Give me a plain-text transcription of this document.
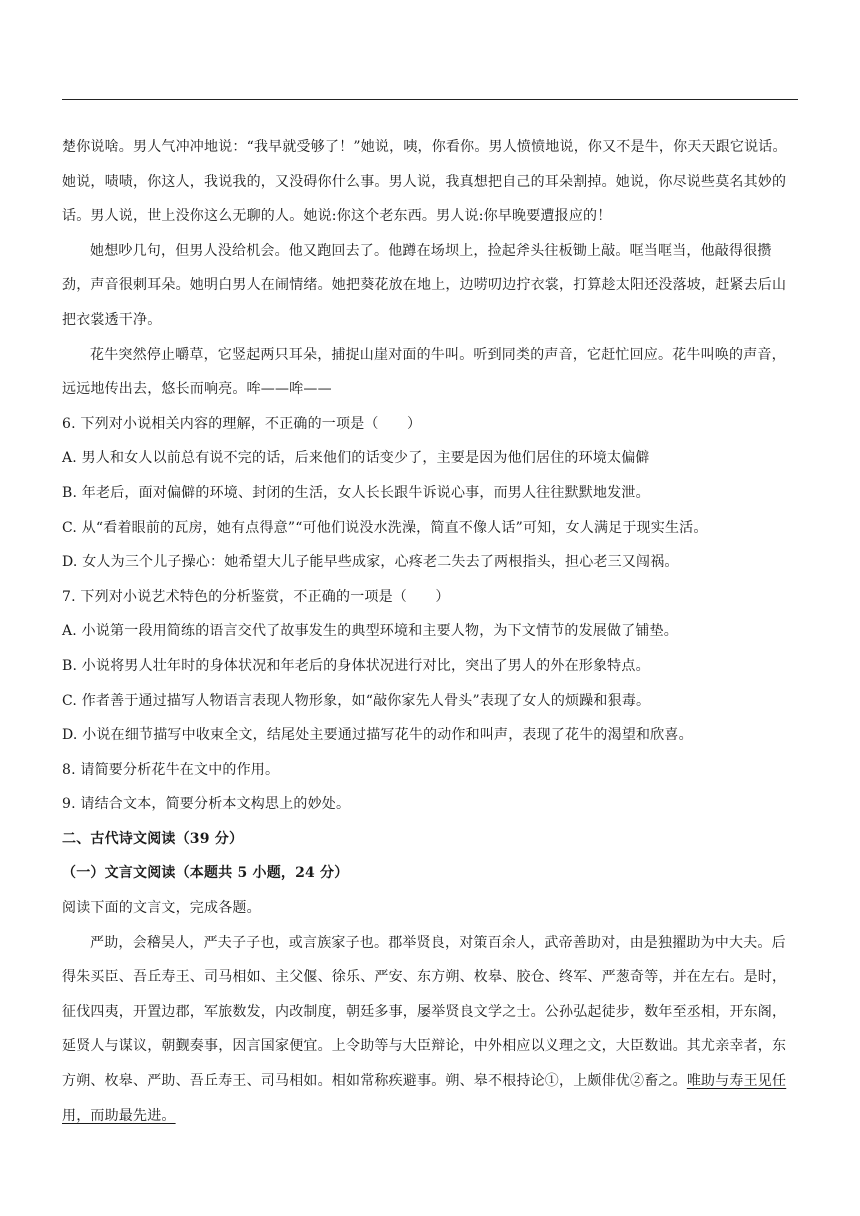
楚你说啥。男人气冲冲地说：“我早就受够了！”她说，咦，你看你。男人愤愤地说，你又不是牛，你天天跟它说话。她说，啧啧，你这人，我说我的，又没碍你什么事。男人说，我真想把自己的耳朵割掉。她说，你尽说些莫名其妙的话。男人说，世上没你这么无聊的人。她说:你这个老东西。男人说:你早晚要遭报应的！

她想吵几句，但男人没给机会。他又跑回去了。他蹲在场坝上，捡起斧头往板锄上敲。哐当哐当，他敲得很攒劲，声音很刺耳朵。她明白男人在闹情绪。她把葵花放在地上，边唠叨边拧衣裳，打算趁太阳还没落坡，赶紧去后山把衣裳透干净。

花牛突然停止嚼草，它竖起两只耳朵，捕捉山崖对面的牛叫。听到同类的声音，它赶忙回应。花牛叫唤的声音，远远地传出去，悠长而响亮。哞——哞——

6. 下列对小说相关内容的理解，不正确的一项是（　　）

A. 男人和女人以前总有说不完的话，后来他们的话变少了，主要是因为他们居住的环境太偏僻

B. 年老后，面对偏僻的环境、封闭的生活，女人长长跟牛诉说心事，而男人往往默默地发泄。

C. 从“看着眼前的瓦房，她有点得意”“可他们说没水洗澡，简直不像人话”可知，女人满足于现实生活。

D. 女人为三个儿子操心：她希望大儿子能早些成家，心疼老二失去了两根指头，担心老三又闯祸。

7. 下列对小说艺术特色的分析鉴赏，不正确的一项是（　　）

A. 小说第一段用简练的语言交代了故事发生的典型环境和主要人物，为下文情节的发展做了铺垫。

B. 小说将男人壮年时的身体状况和年老后的身体状况进行对比，突出了男人的外在形象特点。

C. 作者善于通过描写人物语言表现人物形象，如“敲你家先人骨头”表现了女人的烦躁和狠毒。

D. 小说在细节描写中收束全文，结尾处主要通过描写花牛的动作和叫声，表现了花牛的渴望和欣喜。

8. 请简要分析花牛在文中的作用。

9. 请结合文本，简要分析本文构思上的妙处。

二、古代诗文阅读（39 分）

（一）文言文阅读（本题共 5 小题，24 分）

阅读下面的文言文，完成各题。

严助，会稽吴人，严夫子子也，或言族家子也。郡举贤良，对策百余人，武帝善助对，由是独擢助为中大夫。后得朱买臣、吾丘寿王、司马相如、主父偃、徐乐、严安、东方朔、枚皋、胶仓、终军、严葱奇等，并在左右。是时，征伐四夷，开置边郡，军旅数发，内改制度，朝廷多事，屡举贤良文学之士。公孙弘起徒步，数年至丞相，开东阁，延贤人与谋议，朝觐奏事，因言国家便宜。上令助等与大臣辩论，中外相应以义理之文，大臣数诎。其尤亲幸者，东方朔、枚皋、严助、吾丘寿王、司马相如。相如常称疾避事。朔、皋不根持论①，上颇俳优②畜之。唯助与寿王见任用，而助最先进。
